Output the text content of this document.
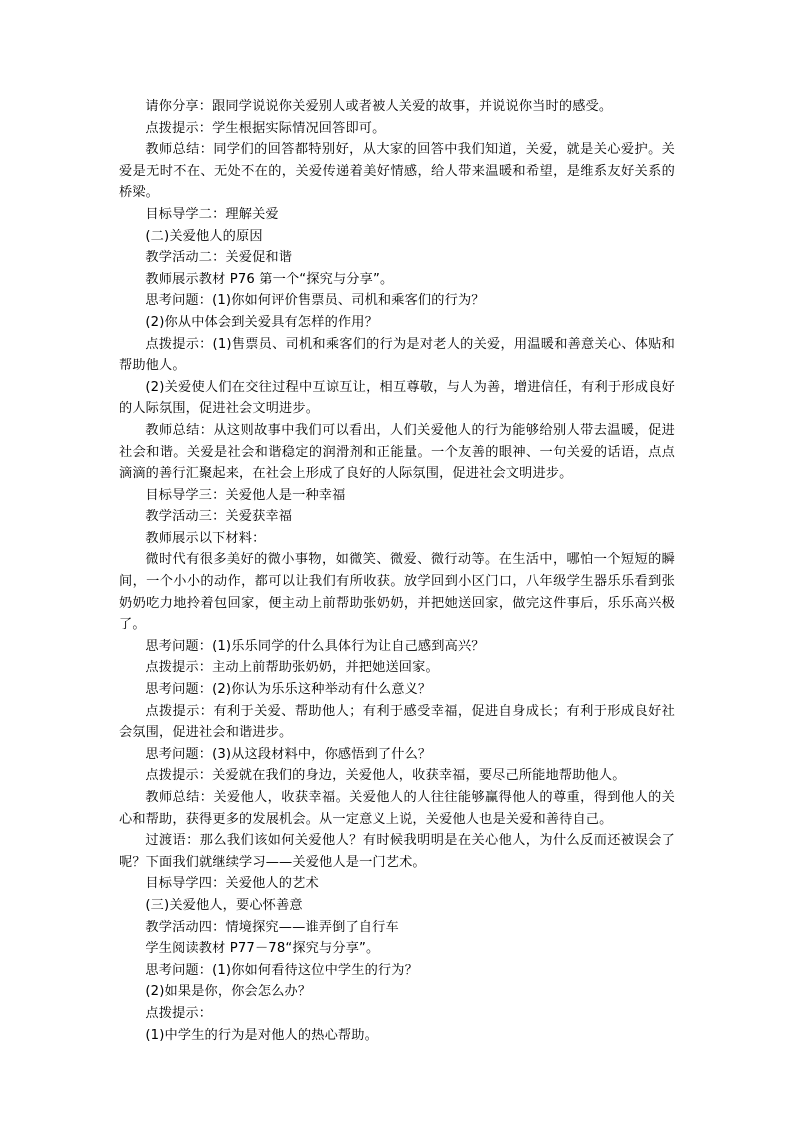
请你分享：跟同学说说你关爱别人或者被人关爱的故事，并说说你当时的感受。

点拨提示：学生根据实际情况回答即可。

教师总结：同学们的回答都特别好，从大家的回答中我们知道，关爱，就是关心爱护。关爱是无时不在、无处不在的，关爱传递着美好情感，给人带来温暖和希望，是维系友好关系的桥梁。

目标导学二：理解关爱

(二)关爱他人的原因

教学活动二：关爱促和谐

教师展示教材 P76 第一个“探究与分享”。

思考问题：(1)你如何评价售票员、司机和乘客们的行为？

(2)你从中体会到关爱具有怎样的作用？

点拨提示：(1)售票员、司机和乘客们的行为是对老人的关爱，用温暖和善意关心、体贴和帮助他人。

(2)关爱使人们在交往过程中互谅互让，相互尊敬，与人为善，增进信任，有利于形成良好的人际氛围，促进社会文明进步。

教师总结：从这则故事中我们可以看出，人们关爱他人的行为能够给别人带去温暖，促进社会和谐。关爱是社会和谐稳定的润滑剂和正能量。一个友善的眼神、一句关爱的话语，点点滴滴的善行汇聚起来，在社会上形成了良好的人际氛围，促进社会文明进步。

目标导学三：关爱他人是一种幸福

教学活动三：关爱获幸福

教师展示以下材料：

微时代有很多美好的微小事物，如微笑、微爱、微行动等。在生活中，哪怕一个短短的瞬间，一个小小的动作，都可以让我们有所收获。放学回到小区门口，八年级学生器乐乐看到张奶奶吃力地拎着包回家，便主动上前帮助张奶奶，并把她送回家，做完这件事后，乐乐高兴极了。

思考问题：(1)乐乐同学的什么具体行为让自己感到高兴？

点拨提示：主动上前帮助张奶奶，并把她送回家。

思考问题：(2)你认为乐乐这种举动有什么意义？

点拨提示：有利于关爱、帮助他人；有利于感受幸福，促进自身成长；有利于形成良好社会氛围，促进社会和谐进步。

思考问题：(3)从这段材料中，你感悟到了什么？

点拨提示：关爱就在我们的身边，关爱他人，收获幸福，要尽己所能地帮助他人。

教师总结：关爱他人，收获幸福。关爱他人的人往往能够赢得他人的尊重，得到他人的关心和帮助，获得更多的发展机会。从一定意义上说，关爱他人也是关爱和善待自己。

过渡语：那么我们该如何关爱他人？有时候我明明是在关心他人，为什么反而还被误会了呢？下面我们就继续学习——关爱他人是一门艺术。

目标导学四：关爱他人的艺术

(三)关爱他人，要心怀善意

教学活动四：情境探究——谁弄倒了自行车

学生阅读教材 P77－78“探究与分享”。

思考问题：(1)你如何看待这位中学生的行为？

(2)如果是你，你会怎么办？

点拨提示：

(1)中学生的行为是对他人的热心帮助。
